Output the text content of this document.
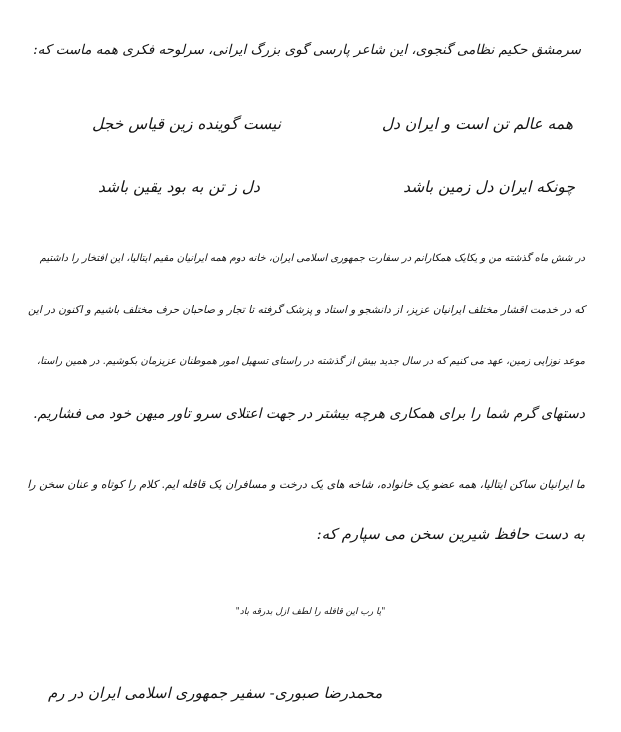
سرمشق حکیم نظامی گنجوی، این شاعر پارسی گوی بزرگ ایرانی، سرلوحه فکری همه ماست که:
همه عالم تن است و ایران دل
نیست گوینده زین قیاس خجل
چونکه ایران دل زمین باشد
دل ز تن به بود یقین باشد
در شش ماه گذشته من و یکایک همکارانم در سفارت جمهوری اسلامی ایران، خانه دوم همه ایرانیان مقیم ایتالیا، این افتخار را داشتیم
که در خدمت اقشار مختلف ایرانیان عزیز، از دانشجو و استاد و پزشک گرفته تا تجار و صاحبان حرف مختلف باشیم و اکنون در این
موعد نوزایی زمین، عهد می کنیم که در سال جدید بیش از گذشته در راستای تسهیل امور هموطنان عزیزمان بکوشیم. در همین راستا،
دستهای گرم شما را برای همکاری هرچه بیشتر در جهت اعتلای سرو تاور میهن خود می فشاریم.
ما ایرانیان ساکن ایتالیا، همه عضو یک خانواده، شاخه های یک درخت و مسافران یک قافله ایم. کلام را کوتاه و عنان سخن را
به دست حافظ شیرین سخن می سپارم که:
"یا رب این قافله را لطف ازل بدرقه باد"
محمدرضا صبوری- سفیر جمهوری اسلامی ایران در رم
